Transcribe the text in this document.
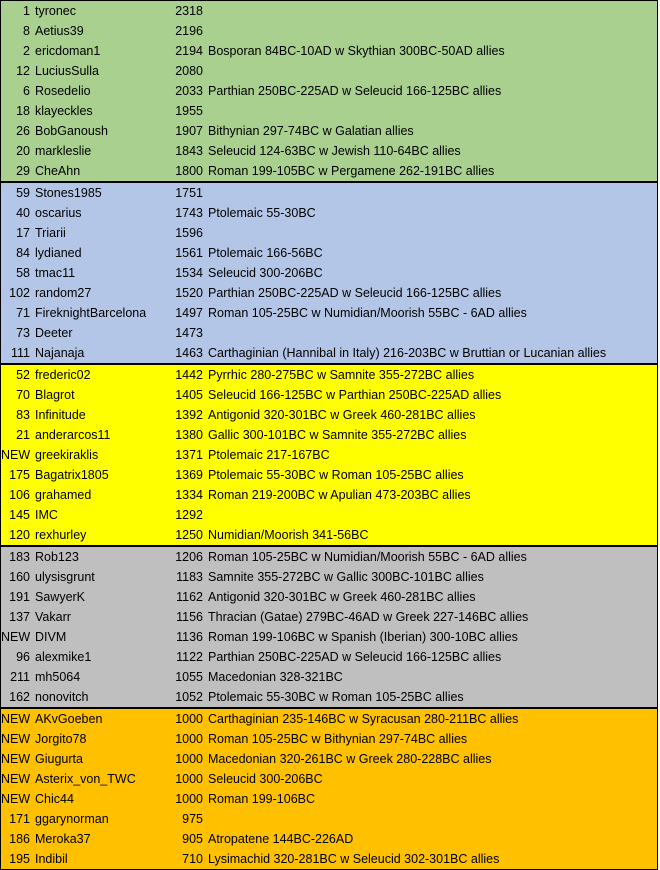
1 tyronec	2318
8 Aetius39	2196
2 ericdoman1	2194 Bosporan 84BC-10AD w Skythian 300BC-50AD allies
12 LuciusSulla	2080
6 Rosedelio	2033 Parthian 250BC-225AD w Seleucid 166-125BC allies
18 klayeckles	1955
26 BobGanoush	1907 Bithynian 297-74BC w Galatian allies
20 markleslie	1843 Seleucid 124-63BC w Jewish 110-64BC allies
29 CheAhn	1800 Roman 199-105BC w Pergamene 262-191BC allies
59 Stones1985	1751
40 oscarius	1743 Ptolemaic 55-30BC
17 Triarii	1596
84 lydianed	1561 Ptolemaic 166-56BC
58 tmac11	1534 Seleucid 300-206BC
102 random27	1520 Parthian 250BC-225AD w Seleucid 166-125BC allies
71 FireknightBarcelona	1497 Roman 105-25BC w Numidian/Moorish 55BC - 6AD allies
73 Deeter	1473
111 Najanaja	1463 Carthaginian (Hannibal in Italy) 216-203BC w Bruttian or Lucanian allies
52 frederic02	1442 Pyrrhic 280-275BC w Samnite 355-272BC allies
70 Blagrot	1405 Seleucid 166-125BC w Parthian 250BC-225AD allies
83 Infinitude	1392 Antigonid 320-301BC w Greek 460-281BC allies
21 anderarcos11	1380 Gallic 300-101BC w Samnite 355-272BC allies
NEW greekiraklis	1371 Ptolemaic 217-167BC
175 Bagatrix1805	1369 Ptolemaic 55-30BC w Roman 105-25BC allies
106 grahamed	1334 Roman 219-200BC w Apulian 473-203BC allies
145 IMC	1292
120 rexhurley	1250 Numidian/Moorish 341-56BC
183 Rob123	1206 Roman 105-25BC w Numidian/Moorish 55BC - 6AD allies
160 ulysisgrunt	1183 Samnite 355-272BC w Gallic 300BC-101BC allies
191 SawyerK	1162 Antigonid 320-301BC w Greek 460-281BC allies
137 Vakarr	1156 Thracian (Gatae) 279BC-46AD w Greek 227-146BC allies
NEW DIVM	1136 Roman 199-106BC w Spanish (Iberian) 300-10BC allies
96 alexmike1	1122 Parthian 250BC-225AD w Seleucid 166-125BC allies
211 mh5064	1055 Macedonian 328-321BC
162 nonovitch	1052 Ptolemaic 55-30BC w Roman 105-25BC allies
NEW AKvGoeben	1000 Carthaginian 235-146BC w Syracusan 280-211BC allies
NEW Jorgito78	1000 Roman 105-25BC w Bithynian 297-74BC allies
NEW Giugurta	1000 Macedonian 320-261BC w Greek 280-228BC allies
NEW Asterix_von_TWC	1000 Seleucid 300-206BC
NEW Chic44	1000 Roman 199-106BC
171 ggarynorman	975
186 Meroka37	905 Atropatene 144BC-226AD
195 Indibil	710 Lysimachid 320-281BC w Seleucid 302-301BC allies
